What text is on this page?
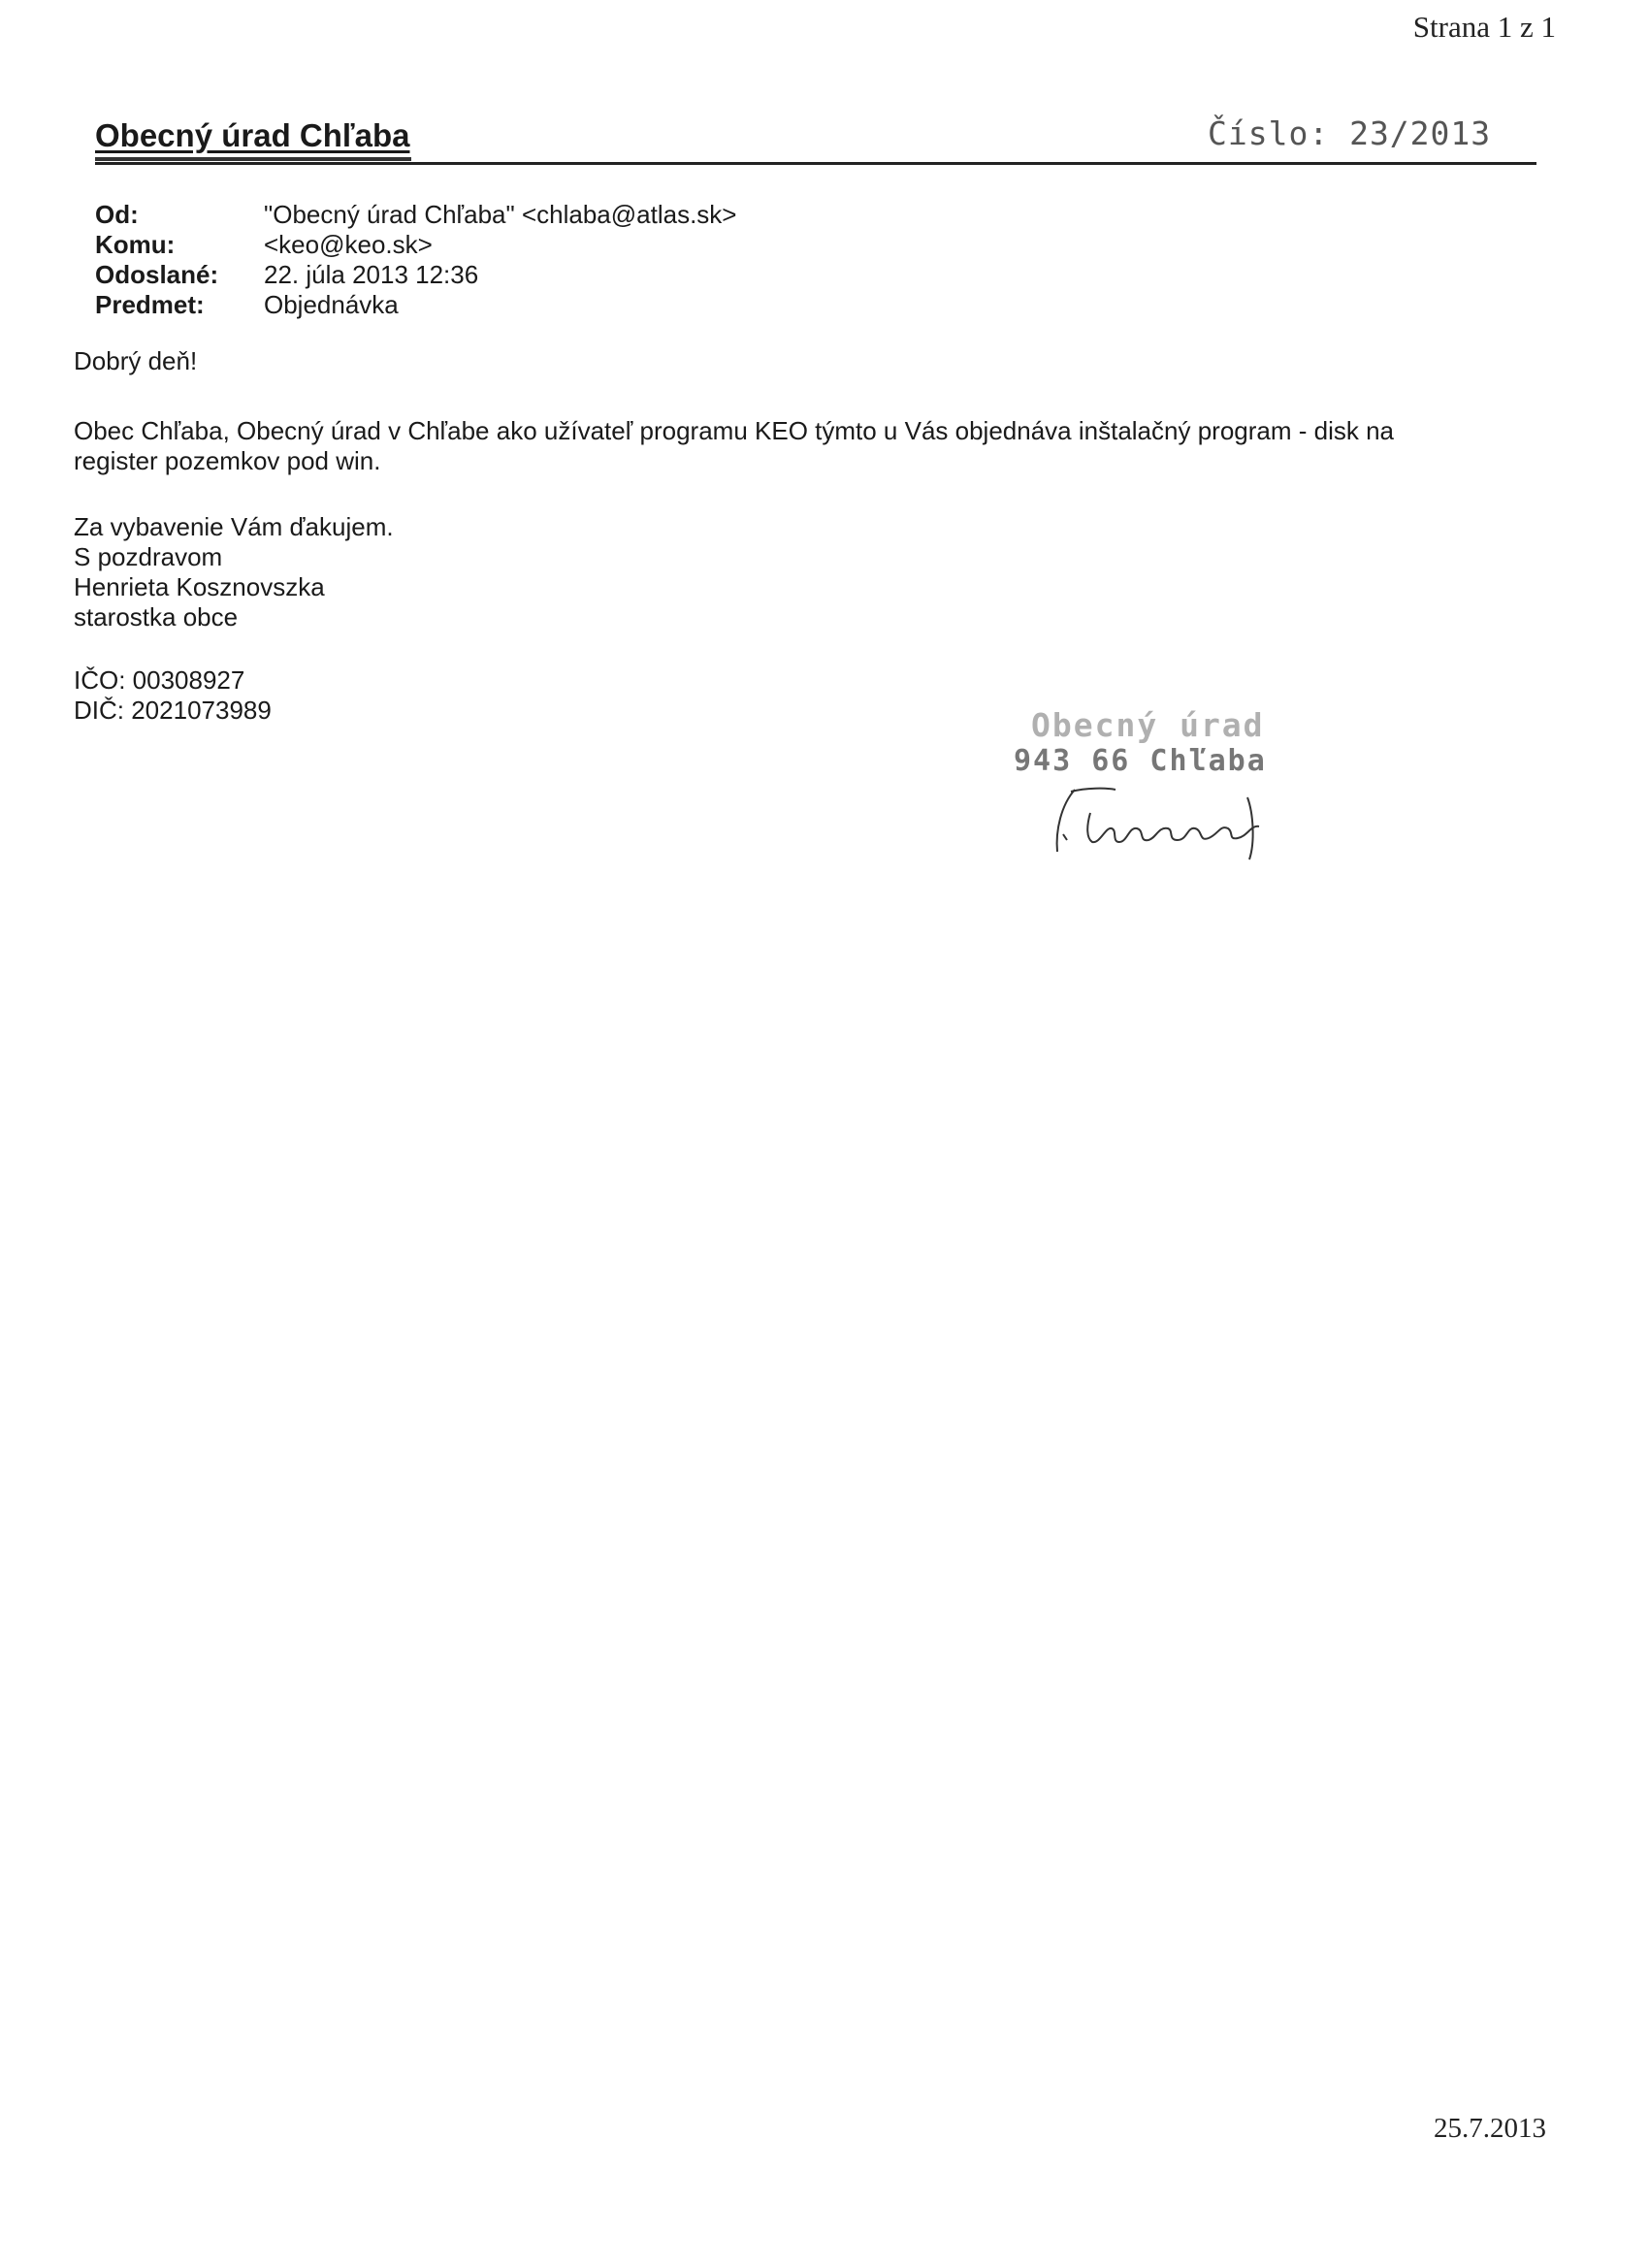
Strana 1 z 1
Obecný úrad Chľaba	Číslo: 23/2013
Od:	"Obecný úrad Chľaba" <chlaba@atlas.sk>
Komu:	<keo@keo.sk>
Odoslané:	22. júla 2013 12:36
Predmet:	Objednávka
Dobrý deň!
Obec Chľaba, Obecný úrad v Chľabe ako užívateľ programu KEO týmto u Vás objednáva inštalačný program - disk na
register pozemkov pod win.
Za vybavenie Vám ďakujem.
S pozdravom
Henrieta Kosznovszka
starostka obce
IČO: 00308927
DIČ: 2021073989	Obecný úrad
943 66 Chľaba
25.7.2013
